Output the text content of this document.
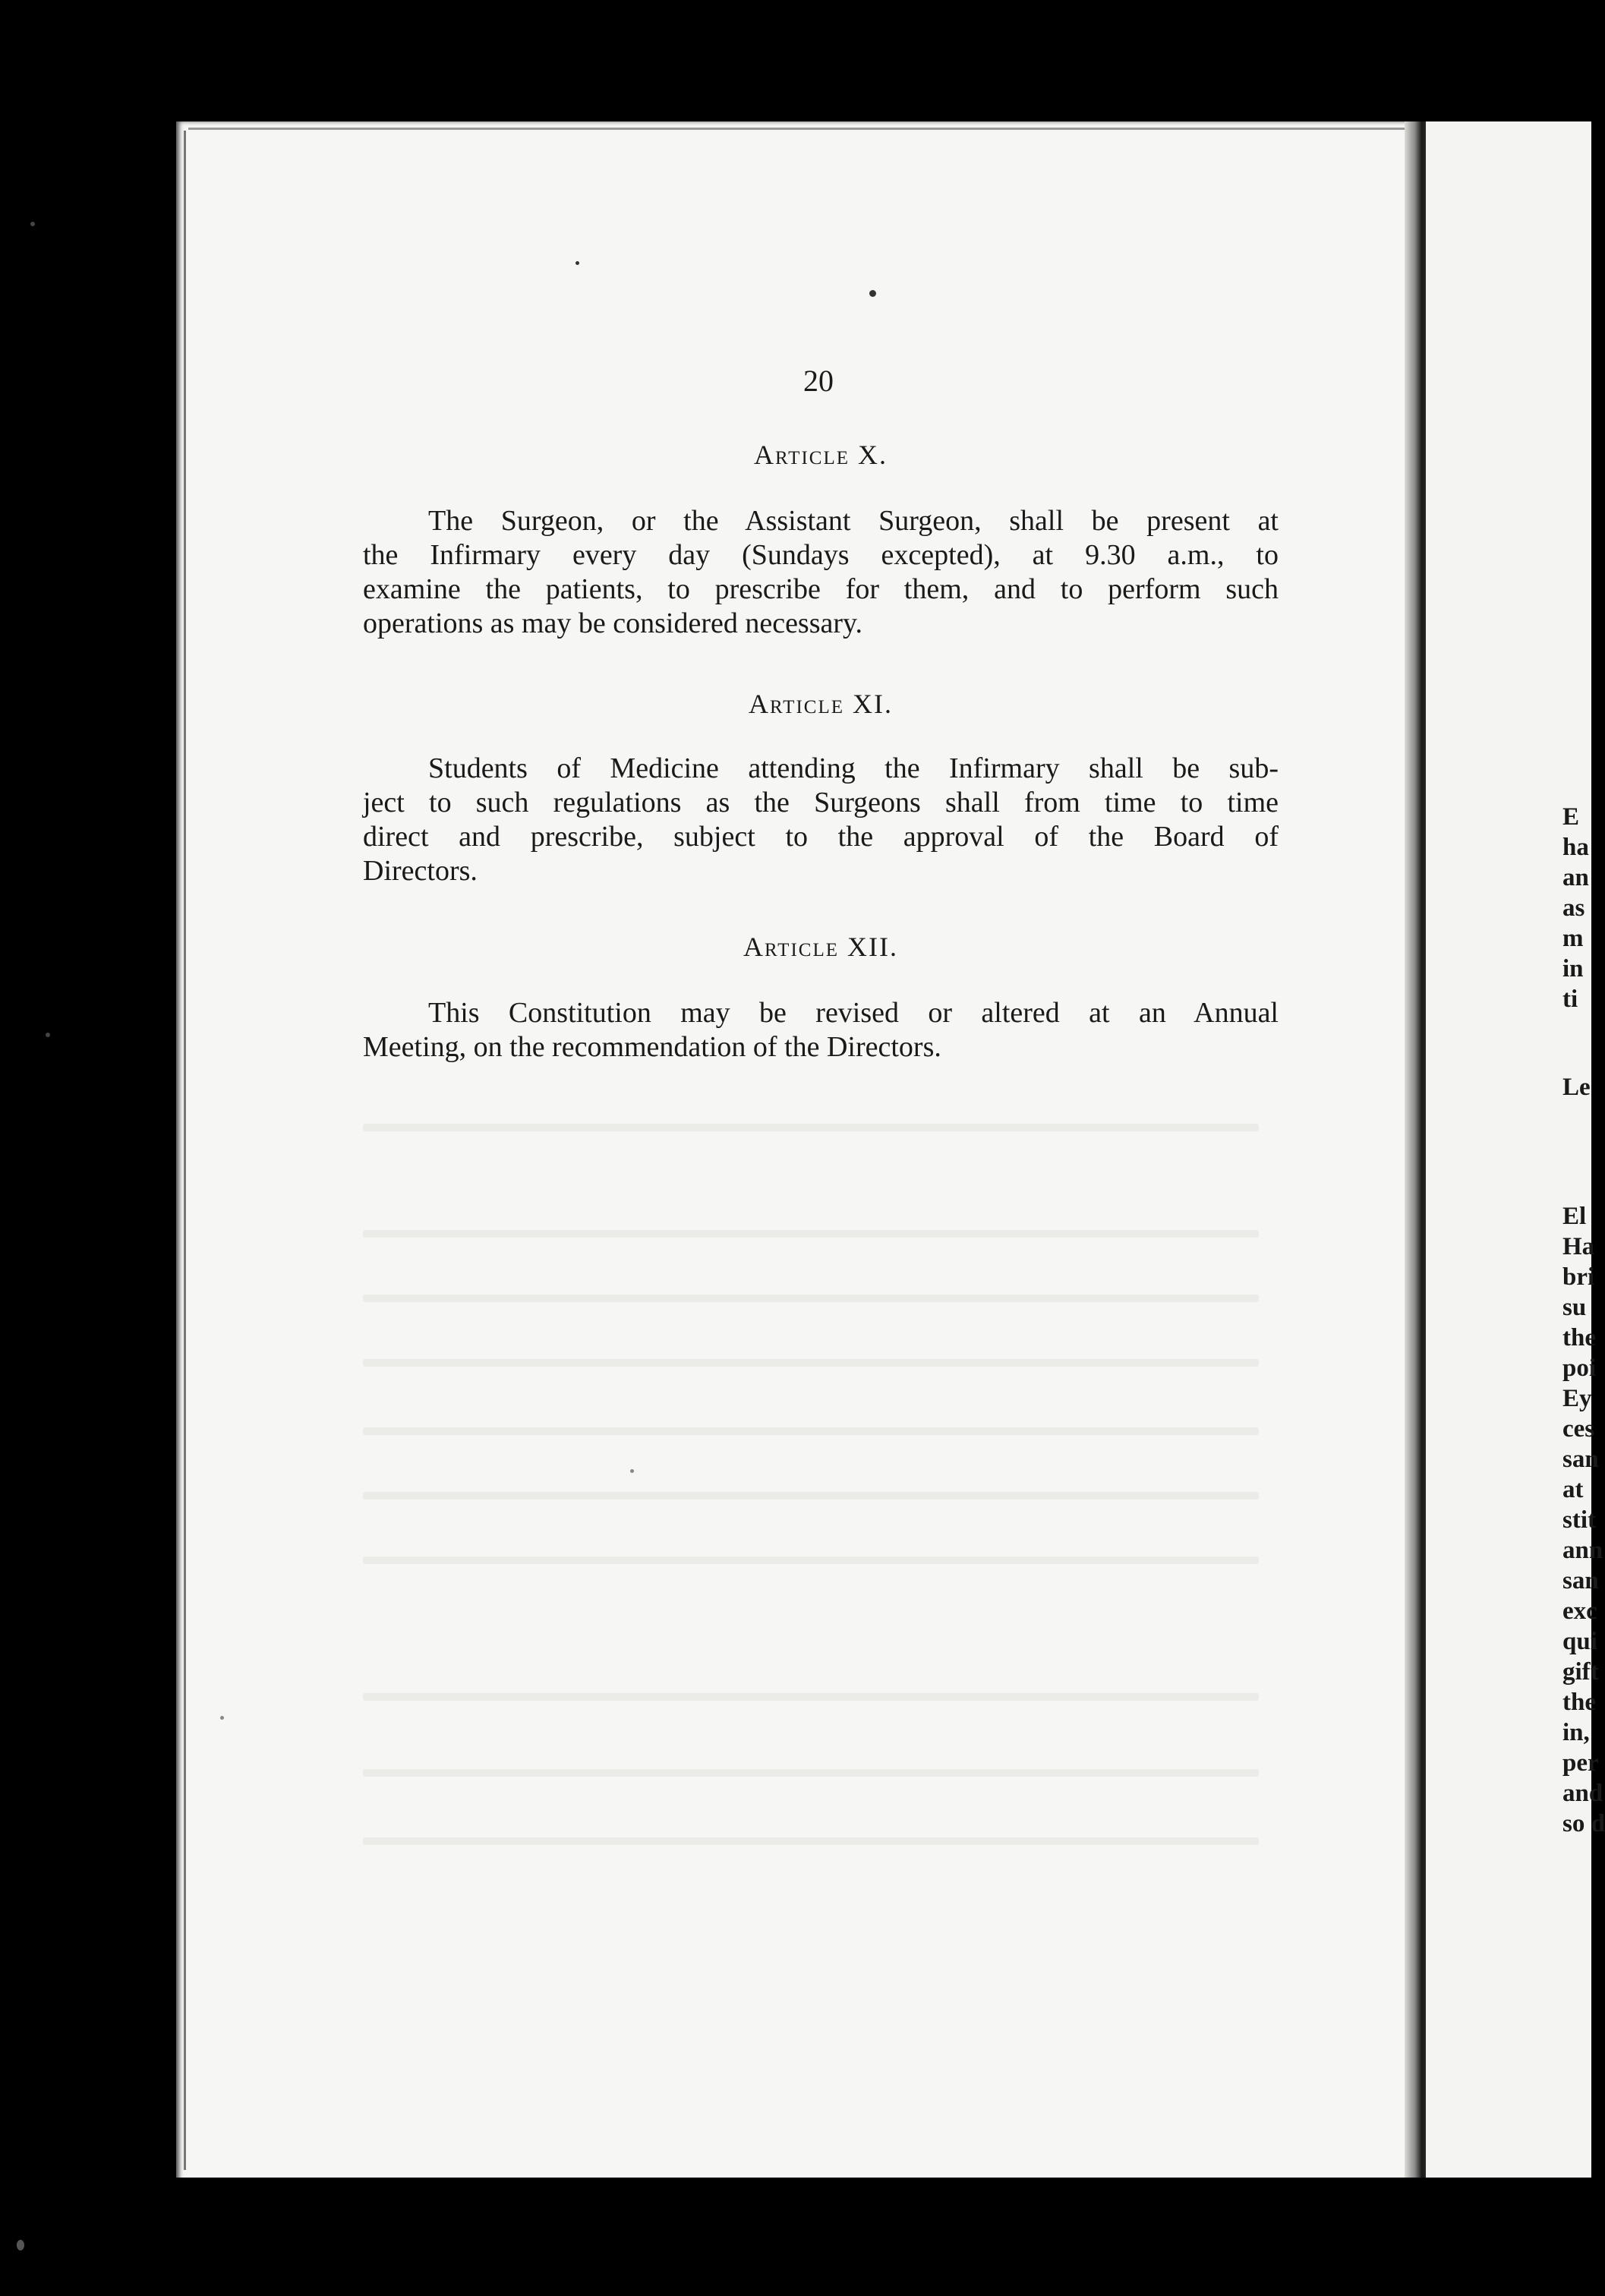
E
ha
an
as
m
in
ti
Le
El
Ha
bri
su
the
poi
Ey
ces
san
at
stit
ann
san
exc
qui
gift
the
in,
per
and
so d
20
Article X.
The Surgeon, or the Assistant Surgeon, shall be present at
the Infirmary every day (Sundays excepted), at 9.30 a.m., to
examine the patients, to prescribe for them, and to perform such
operations as may be considered necessary.
Article XI.
Students of Medicine attending the Infirmary shall be sub-
ject to such regulations as the Surgeons shall from time to time
direct and prescribe, subject to the approval of the Board of
Directors.
Article XII.
This Constitution may be revised or altered at an Annual
Meeting, on the recommendation of the Directors.
